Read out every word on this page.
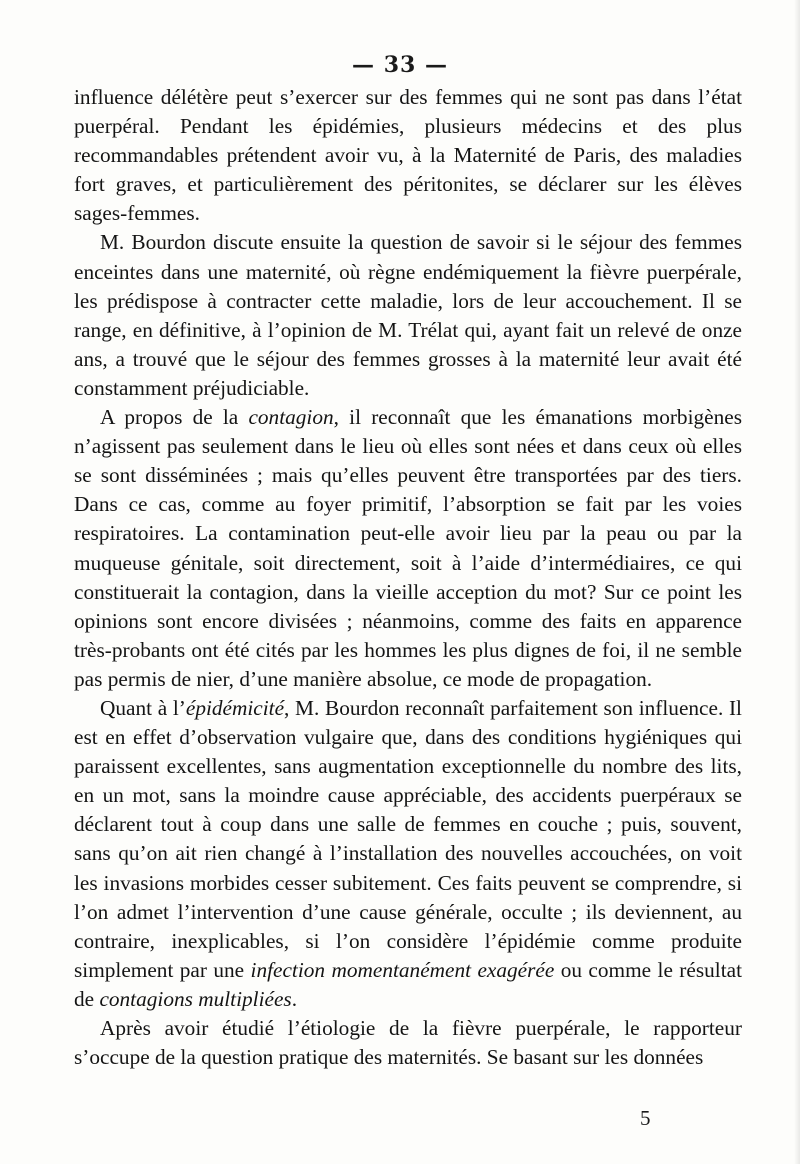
— 33 —

influence délétère peut s’exercer sur des femmes qui ne sont pas dans l’état puerpéral. Pendant les épidémies, plusieurs médecins et des plus recommandables prétendent avoir vu, à la Maternité de Paris, des maladies fort graves, et particulièrement des péritonites, se déclarer sur les élèves sages-femmes.

M. Bourdon discute ensuite la question de savoir si le séjour des femmes enceintes dans une maternité, où règne endémiquement la fièvre puerpérale, les prédispose à contracter cette maladie, lors de leur accouchement. Il se range, en définitive, à l’opinion de M. Trélat qui, ayant fait un relevé de onze ans, a trouvé que le séjour des femmes grosses à la maternité leur avait été constamment préjudiciable.

A propos de la contagion, il reconnaît que les émanations morbigènes n’agissent pas seulement dans le lieu où elles sont nées et dans ceux où elles se sont disséminées ; mais qu’elles peuvent être transportées par des tiers. Dans ce cas, comme au foyer primitif, l’absorption se fait par les voies respiratoires. La contamination peut-elle avoir lieu par la peau ou par la muqueuse génitale, soit directement, soit à l’aide d’intermédiaires, ce qui constituerait la contagion, dans la vieille acception du mot? Sur ce point les opinions sont encore divisées ; néanmoins, comme des faits en apparence très-probants ont été cités par les hommes les plus dignes de foi, il ne semble pas permis de nier, d’une manière absolue, ce mode de propagation.

Quant à l’épidémicité, M. Bourdon reconnaît parfaitement son influence. Il est en effet d’observation vulgaire que, dans des conditions hygiéniques qui paraissent excellentes, sans augmentation exceptionnelle du nombre des lits, en un mot, sans la moindre cause appréciable, des accidents puerpéraux se déclarent tout à coup dans une salle de femmes en couche ; puis, souvent, sans qu’on ait rien changé à l’installation des nouvelles accouchées, on voit les invasions morbides cesser subitement. Ces faits peuvent se comprendre, si l’on admet l’intervention d’une cause générale, occulte ; ils deviennent, au contraire, inexplicables, si l’on considère l’épidémie comme produite simplement par une infection momentanément exagérée ou comme le résultat de contagions multipliées.

Après avoir étudié l’étiologie de la fièvre puerpérale, le rapporteur s’occupe de la question pratique des maternités. Se basant sur les données

5
